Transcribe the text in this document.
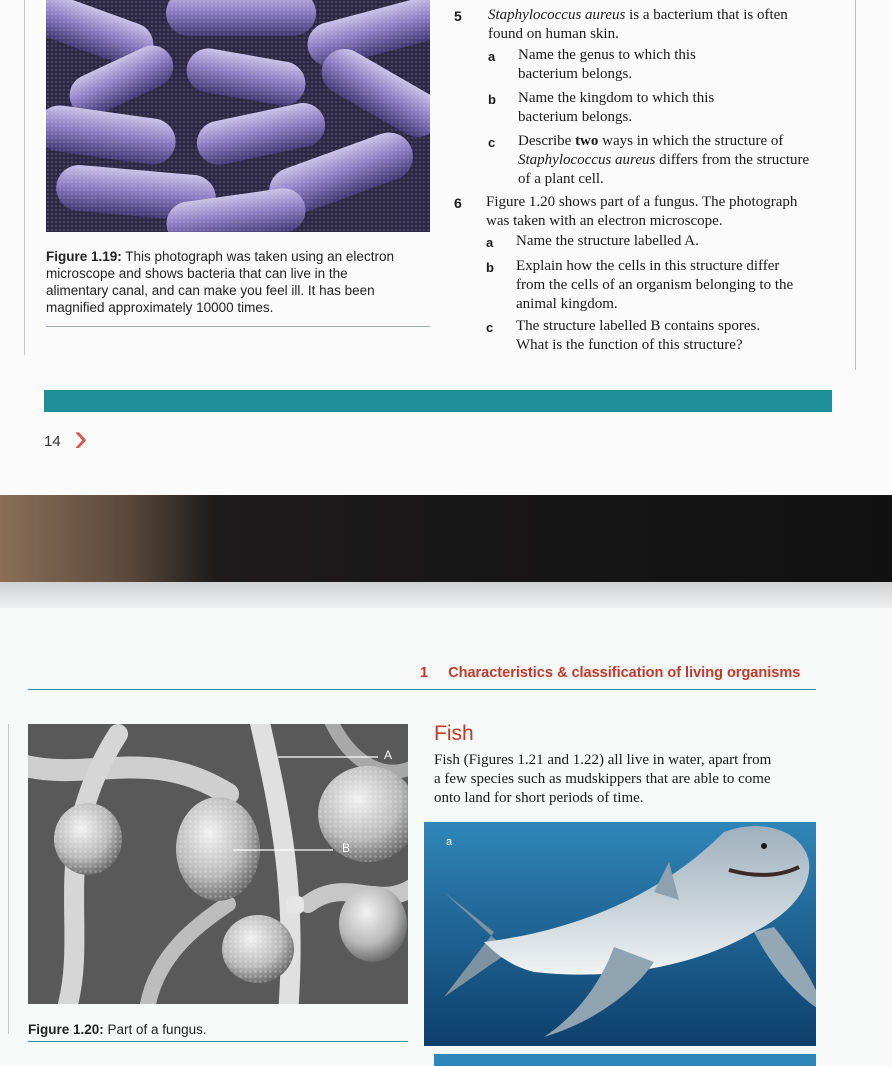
Figure 1.19: This photograph was taken using an electron
microscope and shows bacteria that can live in the
alimentary canal, and can make you feel ill. It has been
magnified approximately 10000 times.
5 Staphylococcus aureus is a bacterium that is often
found on human skin.
a Name the genus to which this
bacterium belongs.
b Name the kingdom to which this
bacterium belongs.
c Describe two ways in which the structure of
Staphylococcus aureus differs from the structure
of a plant cell.
6 Figure 1.20 shows part of a fungus. The photograph
was taken with an electron microscope.
a Name the structure labelled A.
b Explain how the cells in this structure differ
from the cells of an organism belonging to the
animal kingdom.
c The structure labelled B contains spores.
What is the function of this structure?
14 ›
1 Characteristics & classification of living organisms
A
B
Figure 1.20: Part of a fungus.
Fish
Fish (Figures 1.21 and 1.22) all live in water, apart from
a few species such as mudskippers that are able to come
onto land for short periods of time.
a
